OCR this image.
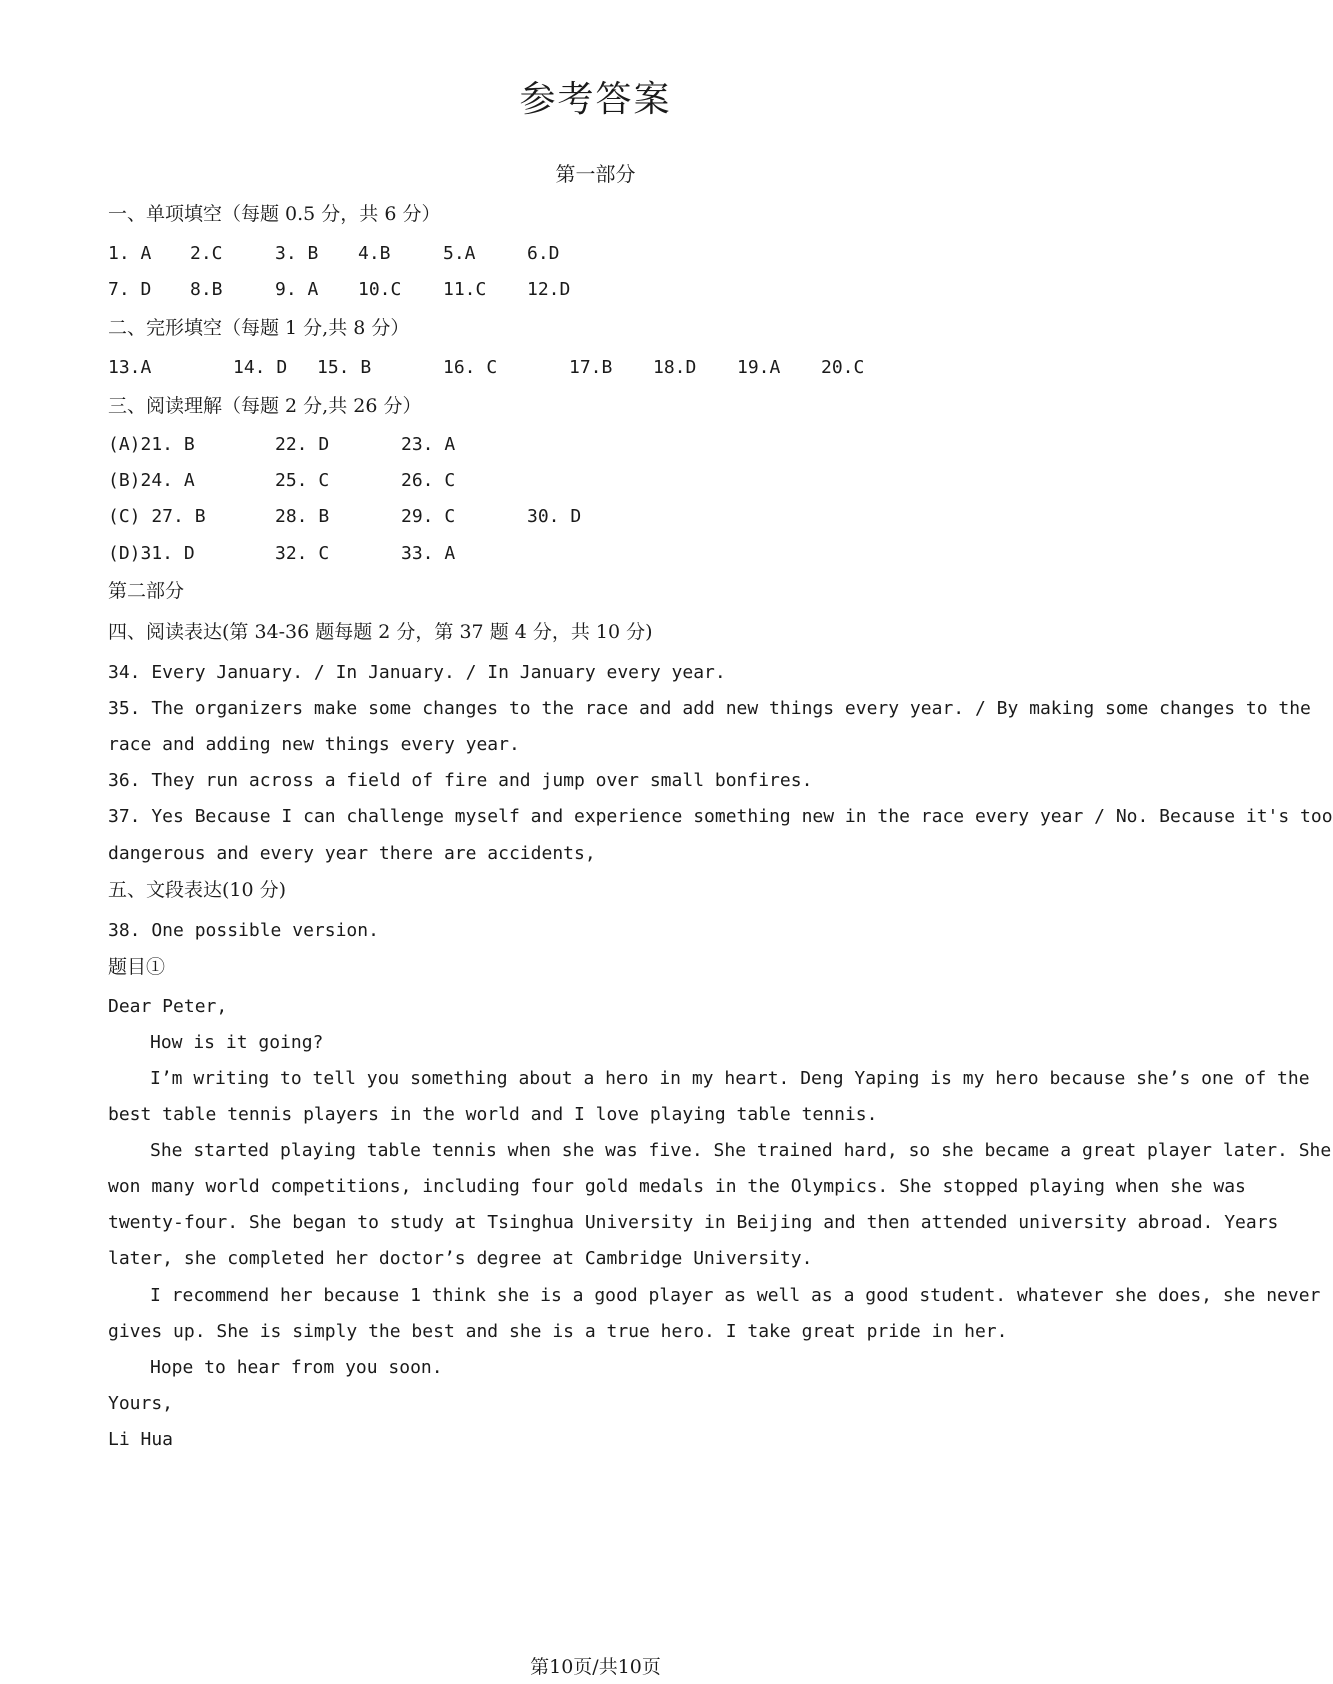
参考答案
第一部分
一、单项填空（每题 0.5 分，共 6 分）
1. A 2.C	3. B 4.B	5.A	6.D
7. D 8.B	9. A 10.C 11.C 12.D
二、完形填空（每题 1 分,共 8 分）
13.A	14. D 15. B	16. C	17.B 18.D 19.A 20.C
三、阅读理解（每题 2 分,共 26 分）
(A)21. B	22. D	23. A
(B)24. A	25. C	26. C
(C) 27. B	28. B	29. C	30. D
(D)31. D	32. C	33. A
第二部分
四、阅读表达(第 34-36 题每题 2 分，第 37 题 4 分，共 10 分)
34. Every January. / In January. / In January every year.
35. The organizers make some changes to the race and add new things every year. / By making some changes to the
race and adding new things every year.
36. They run across a field of fire and jump over small bonfires.
37. Yes Because I can challenge myself and experience something new in the race every year / No. Because it's too
dangerous and every year there are accidents,
五、文段表达(10 分)
38. One possible version.
题目①
Dear Peter,
How is it going?
I’m writing to tell you something about a hero in my heart. Deng Yaping is my hero because she’s one of the
best table tennis players in the world and I love playing table tennis.
She started playing table tennis when she was five. She trained hard, so she became a great player later. She
won many world competitions, including four gold medals in the Olympics. She stopped playing when she was
twenty-four. She began to study at Tsinghua University in Beijing and then attended university abroad. Years
later, she completed her doctor’s degree at Cambridge University.
I recommend her because 1 think she is a good player as well as a good student. whatever she does, she never
gives up. She is simply the best and she is a true hero. I take great pride in her.
Hope to hear from you soon.
Yours,
Li Hua
第10页/共10页
